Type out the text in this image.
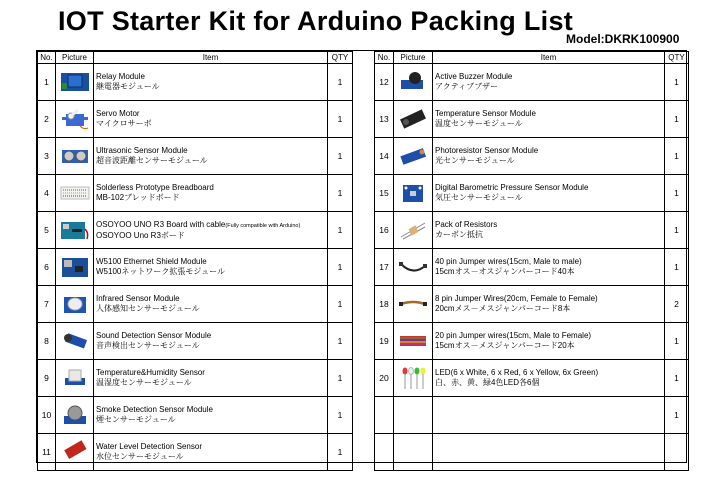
IOT Starter Kit for Arduino Packing List
Model:DKRK100900
No.	Picture	Item	QTY
1		Relay Module
継電器モジュール	1
2		Servo Motor
マイクロサーボ	1
3		Ultrasonic Sensor Module
超音波距離センサーモジュール	1
4		Solderless Prototype Breadboard
MB-102ブレッドボード	1
5		OSOYOO UNO R3 Board with cable(Fully compatible with Arduino)
OSOYOO Uno R3ボード	1
6		W5100 Ethernet Shield Module
W5100ネットワーク拡張モジュール	1
7		Infrared Sensor Module
人体感知センサーモジュール	1
8		Sound Detection Sensor Module
音声検出センサーモジュール	1
9		Temperature&Humidity Sensor
温湿度センサーモジュール	1
10		Smoke Detection Sensor Module
煙センサーモジュール	1
11		Water Level Detection Sensor
水位センサーモジュール	1
No.	Picture	Item	QTY
12		Active Buzzer Module
アクティブブザー	1
13		Temperature Sensor Module
温度センサーモジュール	1
14		Photoresistor Sensor Module
光センサーモジュール	1
15		Digital Barometric Pressure Sensor Module
気圧センサーモジュール	1
16		Pack of Resistors
カーボン抵抗	1
17		40 pin Jumper wires(15cm, Male to male)
15cmオス－オスジャンパーコード40本	1
18		8 pin Jumper Wires(20cm, Female to Female)
20cmメス－メスジャンパーコード8本	2
19		20 pin Jumper wires(15cm, Male to Female)
15cmオス－メスジャンパーコード20本	1
20		LED(6 x White, 6 x Red, 6 x Yellow, 6x Green)
白、赤、黄、緑4色LED各6個	1

	1
